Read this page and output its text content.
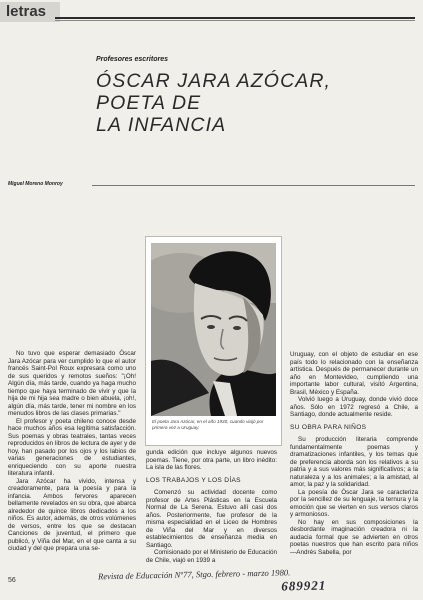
letras
Profesores escritores
ÓSCAR JARA AZÓCAR,
POETA DE
LA INFANCIA
Miguel Moreno Monroy
El poeta Jara Azócar, en el año 1930, cuando viajó por primera vez a Uruguay.

No tuvo que esperar demasiado Óscar Jara Azócar para ver cumplido lo que el autor francés Saint-Pol Roux expresara como uno de sus queridos y remotos sueños: "¡Oh! Algún día, más tarde, cuando ya haga mucho tiempo que haya terminado de vivir y que la hija de mi hija sea madre o bien abuela, ¡oh!, algún día, más tarde, tener mi nombre en los menudos libros de las clases primarias."

El profesor y poeta chileno conoce desde hace muchos años esa legítima satisfacción. Sus poemas y obras teatrales, tantas veces reproducidos en libros de lectura de ayer y de hoy, han pasado por los ojos y los labios de varias generaciones de estudiantes, enriqueciendo con su aporte nuestra literatura infantil.

Jara Azócar ha vivido, intensa y creadoramente, para la poesía y para la infancia. Ambos fervores aparecen bellamente revelados en su obra, que abarca alrededor de quince libros dedicados a los niños. Es autor, además, de otros volúmenes de versos, entre los que se destacan Canciones de juventud, el primero que publicó, y Viña del Mar, en el que canta a su ciudad y del que prepara una se-

gunda edición que incluye algunos nuevos poemas. Tiene, por otra parte, un libro inédito: La isla de las flores.

LOS TRABAJOS Y LOS DÍAS

Comenzó su actividad docente como profesor de Artes Plásticas en la Escuela Normal de La Serena. Estuvo allí casi dos años. Posteriormente, fue profesor de la misma especialidad en el Liceo de Hombres de Viña del Mar y en diversos establecimientos de enseñanza media en Santiago.

Comisionado por el Ministerio de Educación de Chile, viajó en 1939 a

Uruguay, con el objeto de estudiar en ese país todo lo relacionado con la enseñanza artística. Después de permanecer durante un año en Montevideo, cumpliendo una importante labor cultural, visitó Argentina, Brasil, México y España.

Volvió luego a Uruguay, donde vivió doce años. Sólo en 1972 regresó a Chile, a Santiago, donde actualmente reside.

SU OBRA PARA NIÑOS

Su producción literaria comprende fundamentalmente poemas y dramatizaciones infantiles, y los temas que de preferencia aborda son los relativos a su patria y a sus valores más significativos; a la naturaleza y a los animales; a la amistad, al amor, la paz y la solidaridad.

La poesía de Óscar Jara se caracteriza por la sencillez de su lenguaje, la ternura y la emoción que se vierten en sus versos claros y armoniosos.

No hay en sus composiciones la desbordante imaginación creadora ni la audacia formal que se advierten en otros poetas nuestros que han escrito para niños —Andrés Sabella, por

56	Revista de Educación Nº77, Stgo. febrero - marzo 1980.
689921
